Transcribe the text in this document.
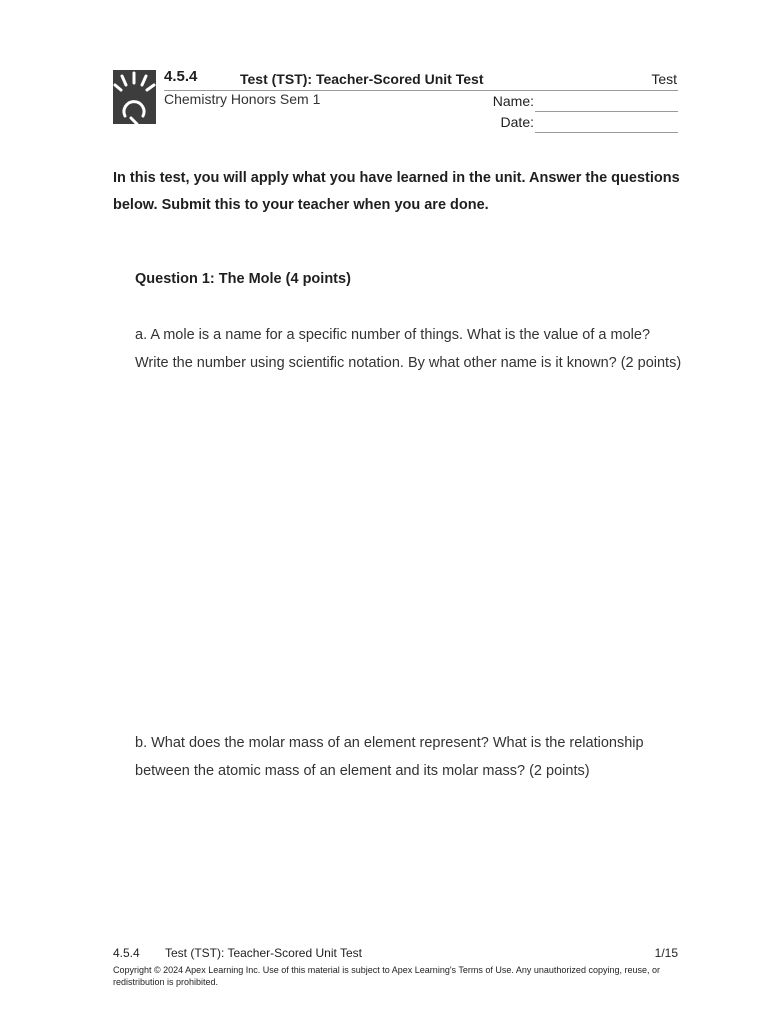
4.5.4	Test (TST): Teacher-Scored Unit Test	Test
Chemistry Honors Sem 1	Name:
Date:
In this test, you will apply what you have learned in the unit. Answer the questions below. Submit this to your teacher when you are done.
Question 1: The Mole (4 points)
a. A mole is a name for a specific number of things. What is the value of a mole? Write the number using scientific notation. By what other name is it known? (2 points)
b. What does the molar mass of an element represent? What is the relationship between the atomic mass of an element and its molar mass? (2 points)
4.5.4 Test (TST): Teacher-Scored Unit Test	1/15
Copyright © 2024 Apex Learning Inc. Use of this material is subject to Apex Learning's Terms of Use. Any unauthorized copying, reuse, or redistribution is prohibited.
